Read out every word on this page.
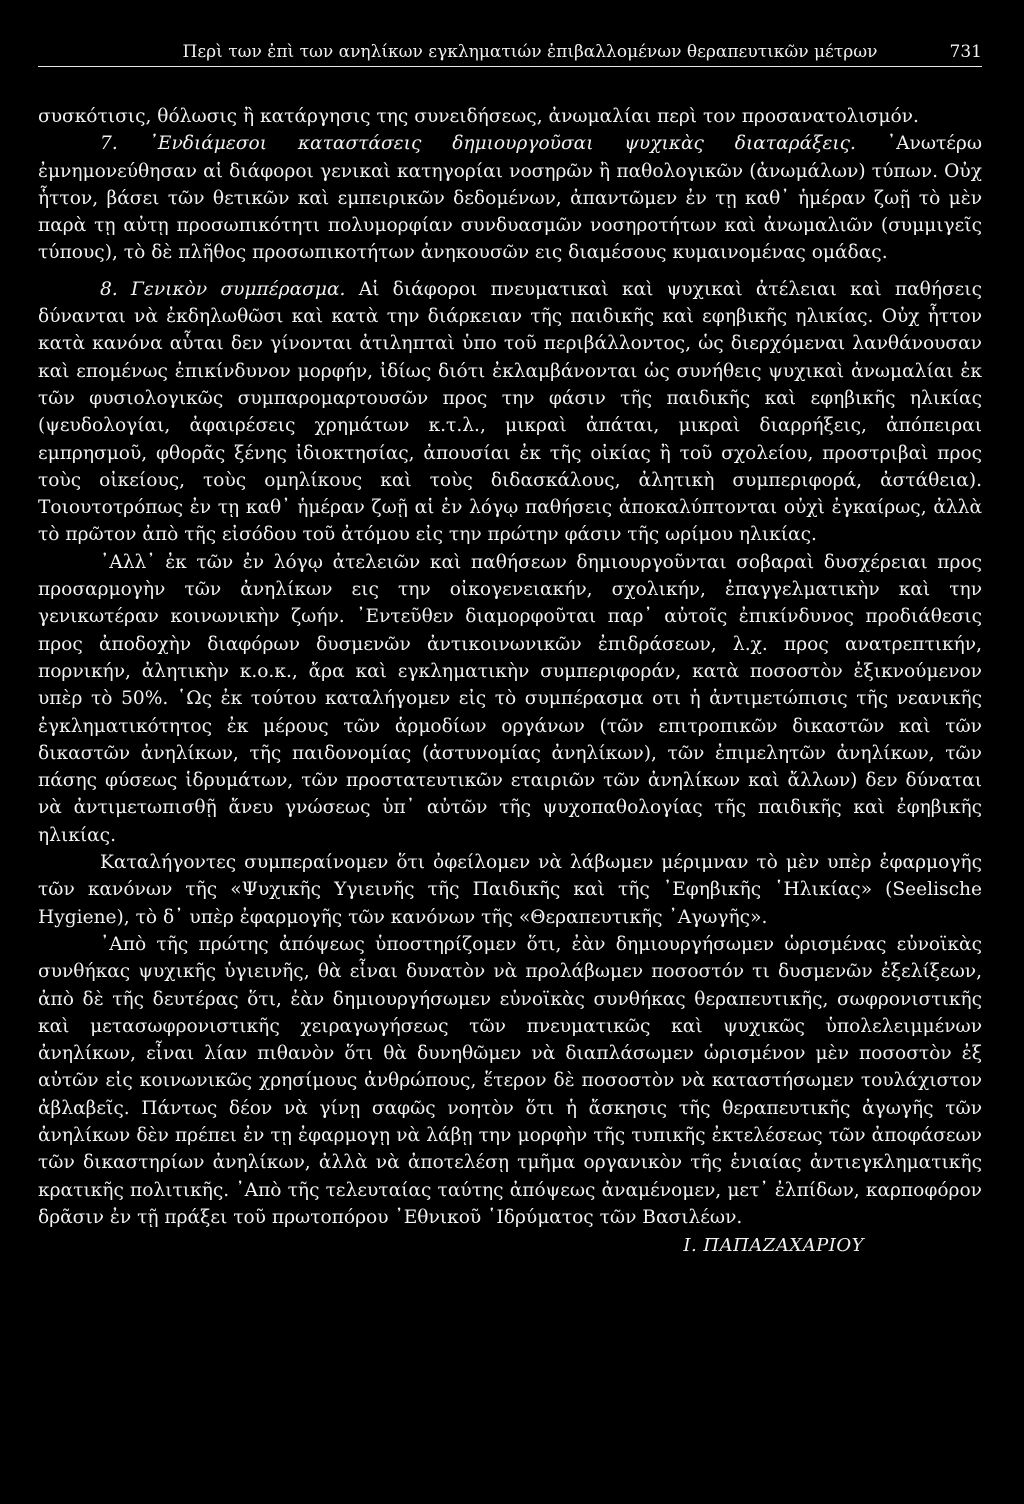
Περὶ των ἐπὶ των ανηλίκων εγκληματιών ἐπιβαλλομένων θεραπευτικῶν μέτρων	731

συσκότισις, θόλωσις ἢ κατάργησις της συνειδήσεως, ἀνωμαλίαι περὶ τον προσανατολισμόν.

7. ᾿Ενδιάμεσοι καταστάσεις δημιουργοῦσαι ψυχικὰς διαταράξεις. ᾿Ανωτέρω ἐμνημονεύθησαν αἱ διάφοροι γενικαὶ κατηγορίαι νοσηρῶν ἢ παθολογικῶν (ἀνωμάλων) τύπων. Οὐχ ἧττον, βάσει τῶν θετικῶν καὶ εμπειρικῶν δεδομένων, ἀπαντῶμεν ἐν τῃ καθ᾿ ἡμέραν ζωῇ τὸ μὲν παρὰ τῃ αὐτῃ προσωπικότητι πολυμορφίαν συνδυασμῶν νοσηροτήτων καὶ ἀνωμαλιῶν (συμμιγεῖς τύπους), τὸ δὲ πλῆθος προσωπικοτήτων ἀνηκουσῶν εις διαμέσους κυμαινομένας ομάδας.

8. Γενικὸν συμπέρασμα. Αἱ διάφοροι πνευματικαὶ καὶ ψυχικαὶ ἀτέλειαι καὶ παθήσεις δύνανται νὰ ἐκδηλωθῶσι καὶ κατὰ την διάρκειαν τῆς παιδικῆς καὶ εφηβικῆς ηλικίας. Οὐχ ἧττον κατὰ κανόνα αὗται δεν γίνονται ἀτιληπταὶ ὑπο τοῦ περιβάλλοντος, ὡς διερχόμεναι λανθάνουσαν καὶ επομένως ἐπικίνδυνον μορφήν, ἰδίως διότι ἐκλαμβάνονται ὡς συνήθεις ψυχικαὶ ἀνωμαλίαι ἐκ τῶν φυσιολογικῶς συμπαρομαρτουσῶν προς την φάσιν τῆς παιδικῆς καὶ εφηβικῆς ηλικίας (ψευδολογίαι, ἀφαιρέσεις χρημάτων κ.τ.λ., μικραὶ ἀπάται, μικραὶ διαρρήξεις, ἀπόπειραι εμπρησμοῦ, φθορᾶς ξένης ἰδιοκτησίας, ἀπουσίαι ἐκ τῆς οἰκίας ἢ τοῦ σχολείου, προστριβαὶ προς τοὺς οἰκείους, τοὺς ομηλίκους καὶ τοὺς διδασκάλους, ἀλητικὴ συμπεριφορά, ἀστάθεια). Τοιουτοτρόπως ἐν τῃ καθ᾿ ἡμέραν ζωῇ αἱ ἐν λόγῳ παθήσεις ἀποκαλύπτονται οὐχὶ ἐγκαίρως, ἀλλὰ τὸ πρῶτον ἀπὸ τῆς εἰσόδου τοῦ ἀτόμου εἰς την πρώτην φάσιν τῆς ωρίμου ηλικίας.

᾿Αλλ᾿ ἐκ τῶν ἐν λόγῳ ἀτελειῶν καὶ παθήσεων δημιουργοῦνται σοβαραὶ δυσχέρειαι προς προσαρμογὴν τῶν ἀνηλίκων εις την οἰκογενειακήν, σχολικήν, ἐπαγγελματικὴν καὶ την γενικωτέραν κοινωνικὴν ζωήν. ᾿Εντεῦθεν διαμορφοῦται παρ᾿ αὐτοῖς ἐπικίνδυνος προδιάθεσις προς ἀποδοχὴν διαφόρων δυσμενῶν ἀντικοινωνικῶν ἐπιδράσεων, λ.χ. προς ανατρεπτικήν, πορνικήν, ἀλητικὴν κ.ο.κ., ἄρα καὶ εγκληματικὴν συμπεριφοράν, κατὰ ποσοστὸν ἐξικνούμενον υπὲρ τὸ 50%. ῾Ως ἐκ τούτου καταλήγομεν εἰς τὸ συμπέρασμα οτι ἡ ἀντιμετώπισις τῆς νεανικῆς ἐγκληματικότητος ἐκ μέρους τῶν ἁρμοδίων οργάνων (τῶν επιτροπικῶν δικαστῶν καὶ τῶν δικαστῶν ἀνηλίκων, τῆς παιδονομίας (ἀστυνομίας ἀνηλίκων), τῶν ἐπιμελητῶν ἀνηλίκων, τῶν πάσης φύσεως ἱδρυμάτων, τῶν προστατευτικῶν εταιριῶν τῶν ἀνηλίκων καὶ ἄλλων) δεν δύναται νὰ ἀντιμετωπισθῇ ἄνευ γνώσεως ὑπ᾿ αὐτῶν τῆς ψυχοπαθολογίας τῆς παιδικῆς καὶ ἐφηβικῆς ηλικίας.

Καταλήγοντες συμπεραίνομεν ὅτι ὀφείλομεν νὰ λάβωμεν μέριμναν τὸ μὲν υπὲρ ἐφαρμογῆς τῶν κανόνων τῆς «Ψυχικῆς Υγιεινῆς τῆς Παιδικῆς καὶ τῆς ᾿Εφηβικῆς ῾Ηλικίας» (Seelische Hygiene), τὸ δ᾿ υπὲρ ἐφαρμογῆς τῶν κανόνων τῆς «Θεραπευτικῆς ᾿Αγωγῆς».

᾿Απὸ τῆς πρώτης ἀπόψεως ὑποστηρίζομεν ὅτι, ἐὰν δημιουργήσωμεν ὡρισμένας εὐνοϊκὰς συνθήκας ψυχικῆς ὑγιεινῆς, θὰ εἶναι δυνατὸν νὰ προλάβωμεν ποσοστόν τι δυσμενῶν ἐξελίξεων, ἀπὸ δὲ τῆς δευτέρας ὅτι, ἐὰν δημιουργήσωμεν εὐνοϊκὰς συνθήκας θεραπευτικῆς, σωφρονιστικῆς καὶ μετασωφρονιστικῆς χειραγωγήσεως τῶν πνευματικῶς καὶ ψυχικῶς ὑπολελειμμένων ἀνηλίκων, εἶναι λίαν πιθανὸν ὅτι θὰ δυνηθῶμεν νὰ διαπλάσωμεν ὡρισμένον μὲν ποσοστὸν ἐξ αὐτῶν εἰς κοινωνικῶς χρησίμους ἀνθρώπους, ἕτερον δὲ ποσοστὸν νὰ καταστήσωμεν τουλάχιστον ἀβλαβεῖς. Πάντως δέον νὰ γίνῃ σαφῶς νοητὸν ὅτι ἡ ἄσκησις τῆς θεραπευτικῆς ἀγωγῆς τῶν ἀνηλίκων δὲν πρέπει ἐν τῃ ἐφαρμογῃ νὰ λάβῃ την μορφὴν τῆς τυπικῆς ἐκτελέσεως τῶν ἀποφάσεων τῶν δικαστηρίων ἀνηλίκων, ἀλλὰ νὰ ἀποτελέσῃ τμῆμα οργανικὸν τῆς ἑνιαίας ἀντιεγκληματικῆς κρατικῆς πολιτικῆς. ᾿Απὸ τῆς τελευταίας ταύτης ἀπόψεως ἀναμένομεν, μετ᾿ ἐλπίδων, καρποφόρον δρᾶσιν ἐν τῇ πράξει τοῦ πρωτοπόρου ᾿Εθνικοῦ ῾Ιδρύματος τῶν Βασιλέων.

I. ΠΑΠΑΖΑΧΑΡΙΟΥ
